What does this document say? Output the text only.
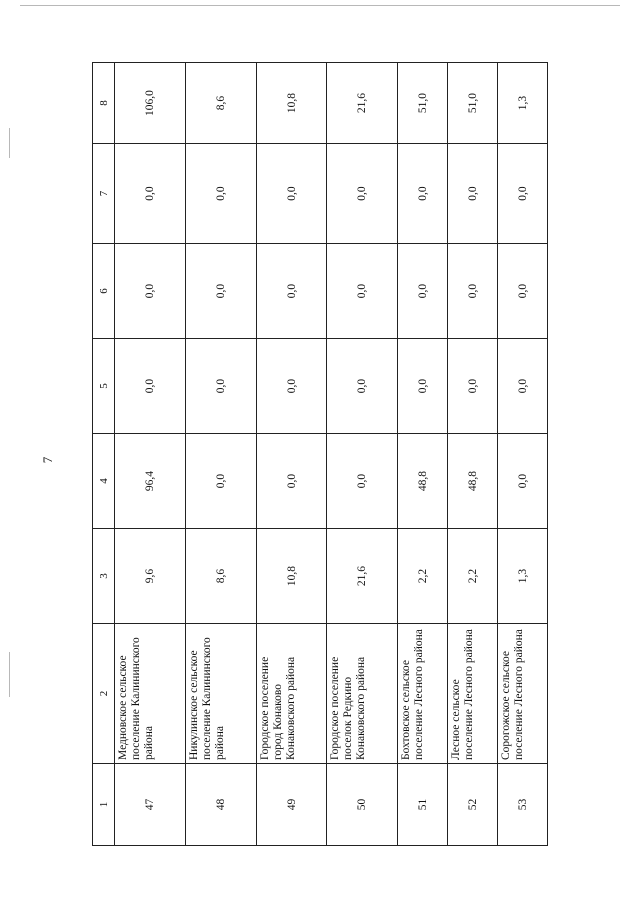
7
1	2	3	4	5	6	7	8
47	Медновское сельское поселение Калининского района	9,6	96,4	0,0	0,0	0,0	106,0
48	Никулинское сельское поселение Калининского района	8,6	0,0	0,0	0,0	0,0	8,6
49	Городское поселение город Конаково Конаковского района	10,8	0,0	0,0	0,0	0,0	10,8
50	Городское поселение поселок Редкино Конаковского района	21,6	0,0	0,0	0,0	0,0	21,6
51	Бохтовское сельское поселение Лесного района	2,2	48,8	0,0	0,0	0,0	51,0
52	Лесное сельское поселение Лесного района	2,2	48,8	0,0	0,0	0,0	51,0
53	Сорогожское сельское поселение Лесного района	1,3	0,0	0,0	0,0	0,0	1,3
